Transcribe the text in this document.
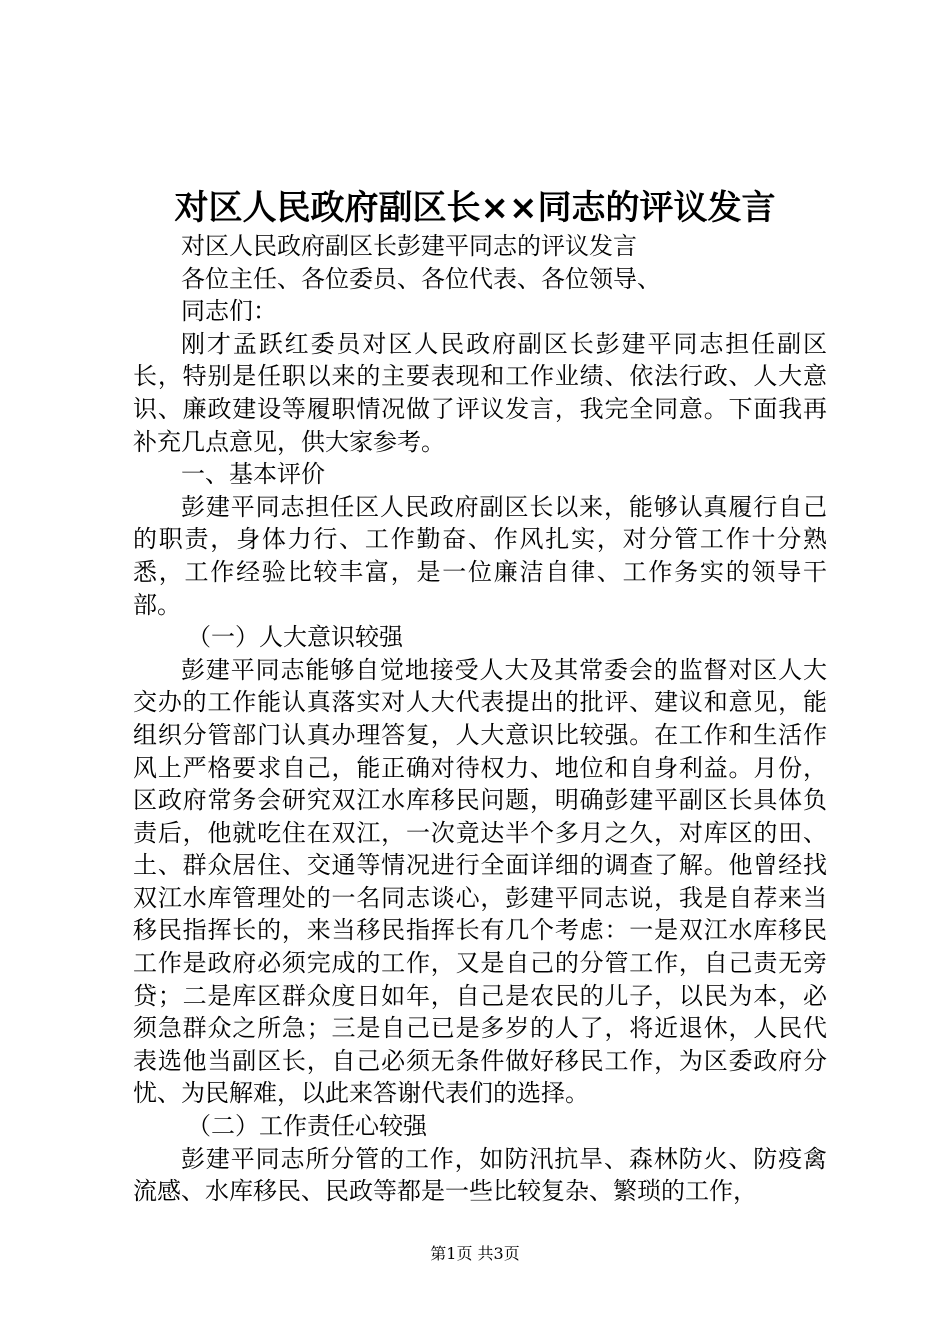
对区人民政府副区长××同志的评议发言

对区人民政府副区长彭建平同志的评议发言

各位主任、各位委员、各位代表、各位领导、

同志们：

刚才孟跃红委员对区人民政府副区长彭建平同志担任副区长，特别是任职以来的主要表现和工作业绩、依法行政、人大意识、廉政建设等履职情况做了评议发言，我完全同意。下面我再补充几点意见，供大家参考。

一、基本评价

彭建平同志担任区人民政府副区长以来，能够认真履行自己的职责，身体力行、工作勤奋、作风扎实，对分管工作十分熟悉，工作经验比较丰富，是一位廉洁自律、工作务实的领导干部。

（一）人大意识较强

彭建平同志能够自觉地接受人大及其常委会的监督对区人大交办的工作能认真落实对人大代表提出的批评、建议和意见，能组织分管部门认真办理答复，人大意识比较强。在工作和生活作风上严格要求自己，能正确对待权力、地位和自身利益。月份，区政府常务会研究双江水库移民问题，明确彭建平副区长具体负责后，他就吃住在双江，一次竟达半个多月之久，对库区的田、土、群众居住、交通等情况进行全面详细的调查了解。他曾经找双江水库管理处的一名同志谈心，彭建平同志说，我是自荐来当移民指挥长的，来当移民指挥长有几个考虑：一是双江水库移民工作是政府必须完成的工作，又是自己的分管工作，自己责无旁贷；二是库区群众度日如年，自己是农民的儿子，以民为本，必须急群众之所急；三是自己已是多岁的人了，将近退休，人民代表选他当副区长，自己必须无条件做好移民工作，为区委政府分忧、为民解难，以此来答谢代表们的选择。

（二）工作责任心较强

彭建平同志所分管的工作，如防汛抗旱、森林防火、防疫禽流感、水库移民、民政等都是一些比较复杂、繁琐的工作，

第1页 共3页
